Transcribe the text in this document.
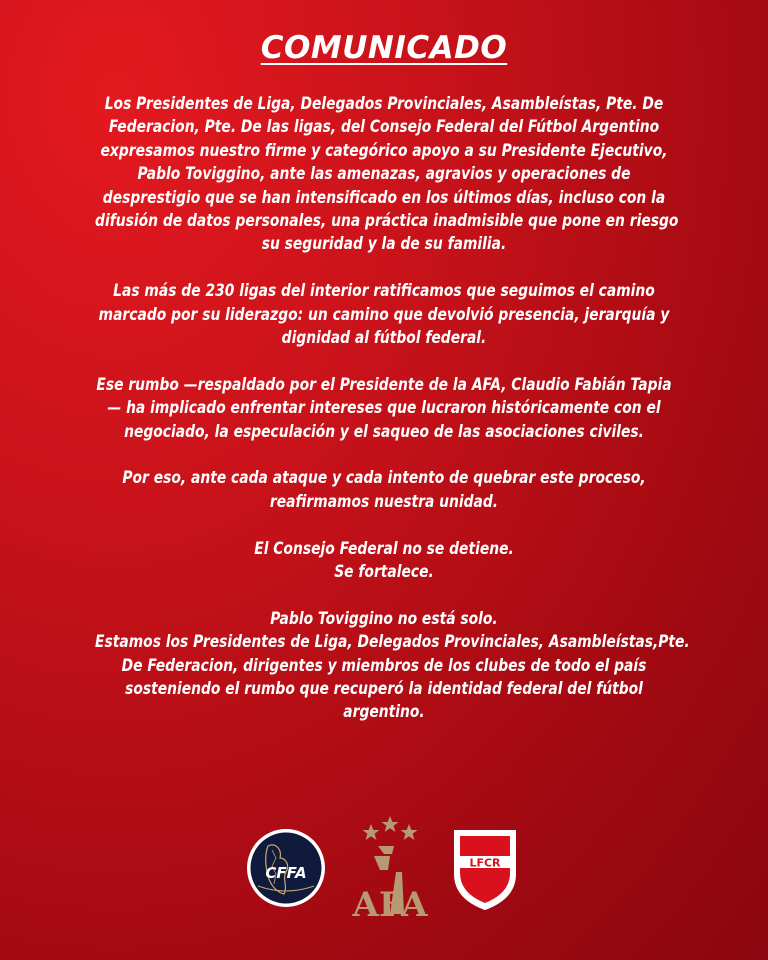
COMUNICADO

Los Presidentes de Liga, Delegados Provinciales, Asambleístas, Pte. De
Federacion, Pte. De las ligas, del Consejo Federal del Fútbol Argentino
expresamos nuestro firme y categórico apoyo a su Presidente Ejecutivo,
Pablo Toviggino, ante las amenazas, agravios y operaciones de
desprestigio que se han intensificado en los últimos días, incluso con la
difusión de datos personales, una práctica inadmisible que pone en riesgo
su seguridad y la de su familia.

Las más de 230 ligas del interior ratificamos que seguimos el camino
marcado por su liderazgo: un camino que devolvió presencia, jerarquía y
dignidad al fútbol federal.

Ese rumbo —respaldado por el Presidente de la AFA, Claudio Fabián Tapia
— ha implicado enfrentar intereses que lucraron históricamente con el
negociado, la especulación y el saqueo de las asociaciones civiles.

Por eso, ante cada ataque y cada intento de quebrar este proceso,
reafirmamos nuestra unidad.

El Consejo Federal no se detiene.
Se fortalece.

Pablo Toviggino no está solo.
Estamos los Presidentes de Liga, Delegados Provinciales, Asambleístas,Pte.
De Federacion, dirigentes y miembros de los clubes de todo el país
sosteniendo el rumbo que recuperó la identidad federal del fútbol
argentino.

CFFA
AFA
LFCR
